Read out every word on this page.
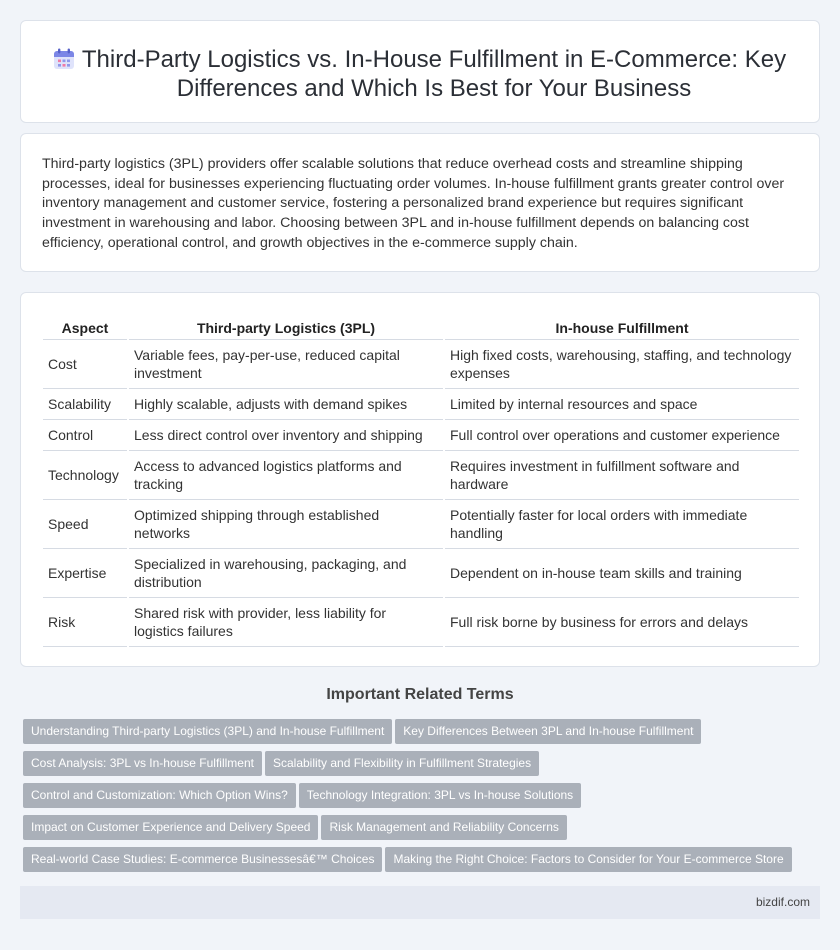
Third-Party Logistics vs. In-House Fulfillment in E-Commerce: Key Differences and Which Is Best for Your Business

Third-party logistics (3PL) providers offer scalable solutions that reduce overhead costs and streamline shipping processes, ideal for businesses experiencing fluctuating order volumes. In-house fulfillment grants greater control over inventory management and customer service, fostering a personalized brand experience but requires significant investment in warehousing and labor. Choosing between 3PL and in-house fulfillment depends on balancing cost efficiency, operational control, and growth objectives in the e-commerce supply chain.

Aspect	Third-party Logistics (3PL)	In-house Fulfillment
Cost	Variable fees, pay-per-use, reduced capital investment	High fixed costs, warehousing, staffing, and technology expenses
Scalability	Highly scalable, adjusts with demand spikes	Limited by internal resources and space
Control	Less direct control over inventory and shipping	Full control over operations and customer experience
Technology	Access to advanced logistics platforms and tracking	Requires investment in fulfillment software and hardware
Speed	Optimized shipping through established networks	Potentially faster for local orders with immediate handling
Expertise	Specialized in warehousing, packaging, and distribution	Dependent on in-house team skills and training
Risk	Shared risk with provider, less liability for logistics failures	Full risk borne by business for errors and delays
Important Related Terms
Understanding Third-party Logistics (3PL) and In-house Fulfillment Key Differences Between 3PL and In-house Fulfillment
Cost Analysis: 3PL vs In-house Fulfillment Scalability and Flexibility in Fulfillment Strategies
Control and Customization: Which Option Wins? Technology Integration: 3PL vs In-house Solutions
Impact on Customer Experience and Delivery Speed Risk Management and Reliability Concerns
Real-world Case Studies: E-commerce Businessesâ€™ Choices Making the Right Choice: Factors to Consider for Your E-commerce Store
bizdif.com
